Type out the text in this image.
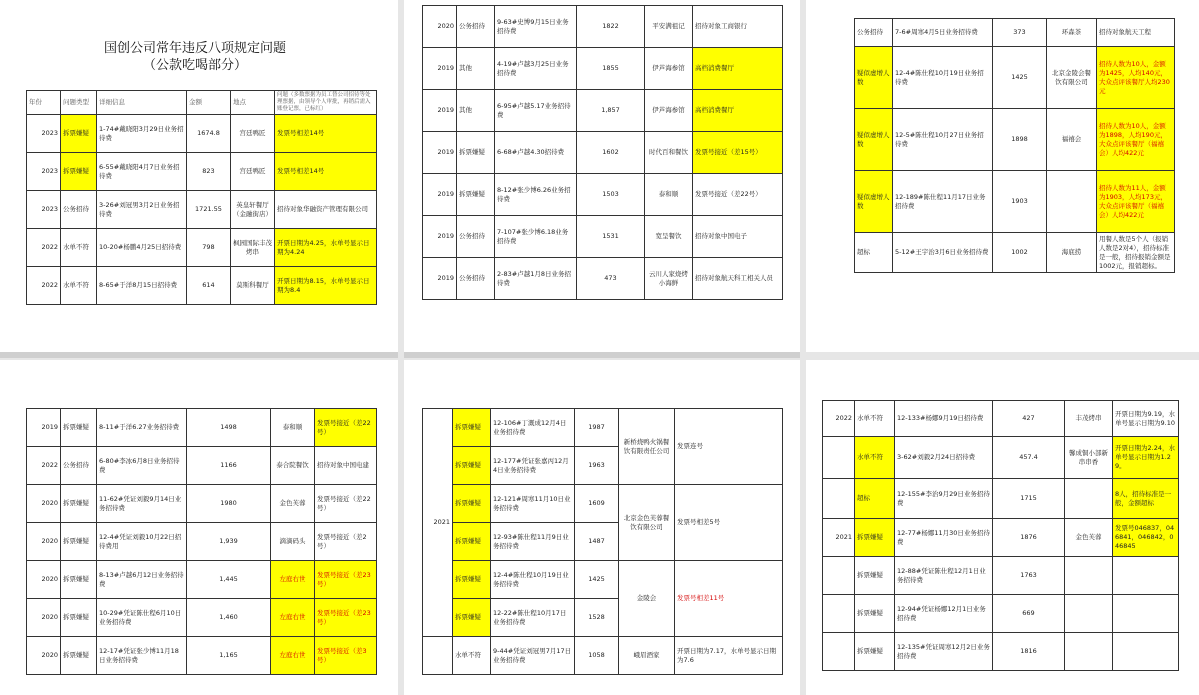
国创公司常年违反八项规定问题
（公款吃喝部分）
年份	问题类型	详细信息	金额	地点	问题（多数票据为员工替公司招待等处理票据，由领导个人审批，再销后需入账登记票，已标红）
2023	拆票嫌疑	1-74#戴晓阳3月29日业务招待费	1674.8	宫廷鸭匠	发票号相差14号
2023	拆票嫌疑	6-55#戴晓阳4月7日业务招待费	823	宫廷鸭匠	发票号相差14号
2023	公务招待	3-26#刘冠男3月2日业务招待费	1721.55	英皇轩餐厅（金融街店）	招待对象华融资产管理有限公司
2022	水单不符	10-20#杨鹏4月25日招待费	798	枫园国际丰茂烤串	开票日期为4.25，水单号显示日期为4.24
2022	水单不符	8-65#于洋8月15日招待费	614	莫斯科餐厅	开票日期为8.15，水单号显示日期为8.4
2020	公务招待	9-63#史博9月15日业务招待费	1822	平安满祖记	招待对象工商银行
2019	其他	4-19#卢越3月25日业务招待费	1855	伊芦海参馆	高档消费餐厅
2019	其他	6-95#卢越5.17业务招待费	1,857	伊芦海参馆	高档消费餐厅
2019	拆票嫌疑	6-68#卢越4.30招待费	1602	时代百和餐饮	发票号接近（差15号）
2019	拆票嫌疑	8-12#张少博6.26业务招待费	1503	泰和顺	发票号接近（差22号）
2019	公务招待	7-107#张少博6.18业务招待费	1531	宽呈餐饮	招待对象中国电子
2019	公务招待	2-83#卢越1月8日业务招待费	473	云川人家烧烤小海鲜	招待对象航天科工相关人员
公务招待	7-6#周寒4月5日业务招待费	373	环森茶	招待对象航天工程
疑似虚增人数	12-4#陈仕程10月19日业务招待费	1425	北京金陵会餐饮有限公司	招待人数为10人，金额为1425，人均140元，大众点评该餐厅人均230元
疑似虚增人数	12-5#陈仕程10月27日业务招待费	1898	福禧会	招待人数为10人，金额为1898，人均190元，大众点评该餐厅（福禧会）人均422元
疑似虚增人数	12-189#陈仕程11月17日业务招待费	1903		招待人数为11人，金额为1903，人均173元，大众点评该餐厅（福禧会）人均422元
超标	5-12#王宇治3月6日业务招待费	1002	海底捞	用餐人数是5个人（报销人数是2对4），招待标准是一般，招待报销金额是1002元，报销超标。
2019	拆票嫌疑	8-11#于洋6.27业务招待费	1498	泰和顺	发票号接近（差22号）
2022	公务招待	6-80#李冰6月8日业务招待费	1166	泰合院餐饮	招待对象中国电建
2020	拆票嫌疑	11-62#凭证刘毅9月14日业务招待费	1980	金色芙蓉	发票号接近（差22号）
2020	拆票嫌疑	12-4#凭证刘毅10月22日招待费用	1,939	滴滴码头	发票号接近（差2号）
2020	拆票嫌疑	8-13#卢越6月12日业务招待费	1,445	左庭右世	发票号接近（差23号）
2020	拆票嫌疑	10-29#凭证陈仕程6月10日业务招待费	1,460	左庭右世	发票号接近（差23号）
2020	拆票嫌疑	12-17#凭证张少博11月18日业务招待费	1,165	左庭右世	发票号接近（差3号）
2021	拆票嫌疑	12-106#丁溉成12月4日业务招待费	1987	新桥烧鸭火锅餐饮有限责任公司	发票连号
	拆票嫌疑	12-177#凭证张嘉丙12月4日业务招待费	1963		
	拆票嫌疑	12-121#周寒11月10日业务招待费	1609	北京金色芙蓉餐饮有限公司	发票号相差5号
	拆票嫌疑	12-93#陈仕程11月9日业务招待费	1487		
	拆票嫌疑	12-4#陈仕程10月19日业务招待费	1425	金陵会	发票号相差11号
	拆票嫌疑	12-22#陈仕程10月17日业务招待费	1528		
	水单不符	9-44#凭证刘冠男7月17日业务招待费	1058	峨眉酒家	开票日期为7.17，水单号显示日期为7.6
2022	水单不符	12-133#杨娜9月19日招待费	427	丰茂烤串	开票日期为9.19，水单号显示日期为9.10
	水单不符	3-62#刘毅2月24日招待费	457.4	馨成铜小部新串串香	开票日期为2.24，水单号显示日期为1.29。
	超标	12-155#李治9月29日业务招待费	1715		8人，招待标准是一般，金额超标
2021	拆票嫌疑	12-77#杨娜11月30日业务招待费	1876	金色芙蓉	发票号046837，046841，046842，046845
	拆票嫌疑	12-88#凭证陈仕程12月1日业务招待费	1763		
	拆票嫌疑	12-94#凭证杨娜12月1日业务招待费	669		
	拆票嫌疑	12-135#凭证周寒12月2日业务招待费	1816		
